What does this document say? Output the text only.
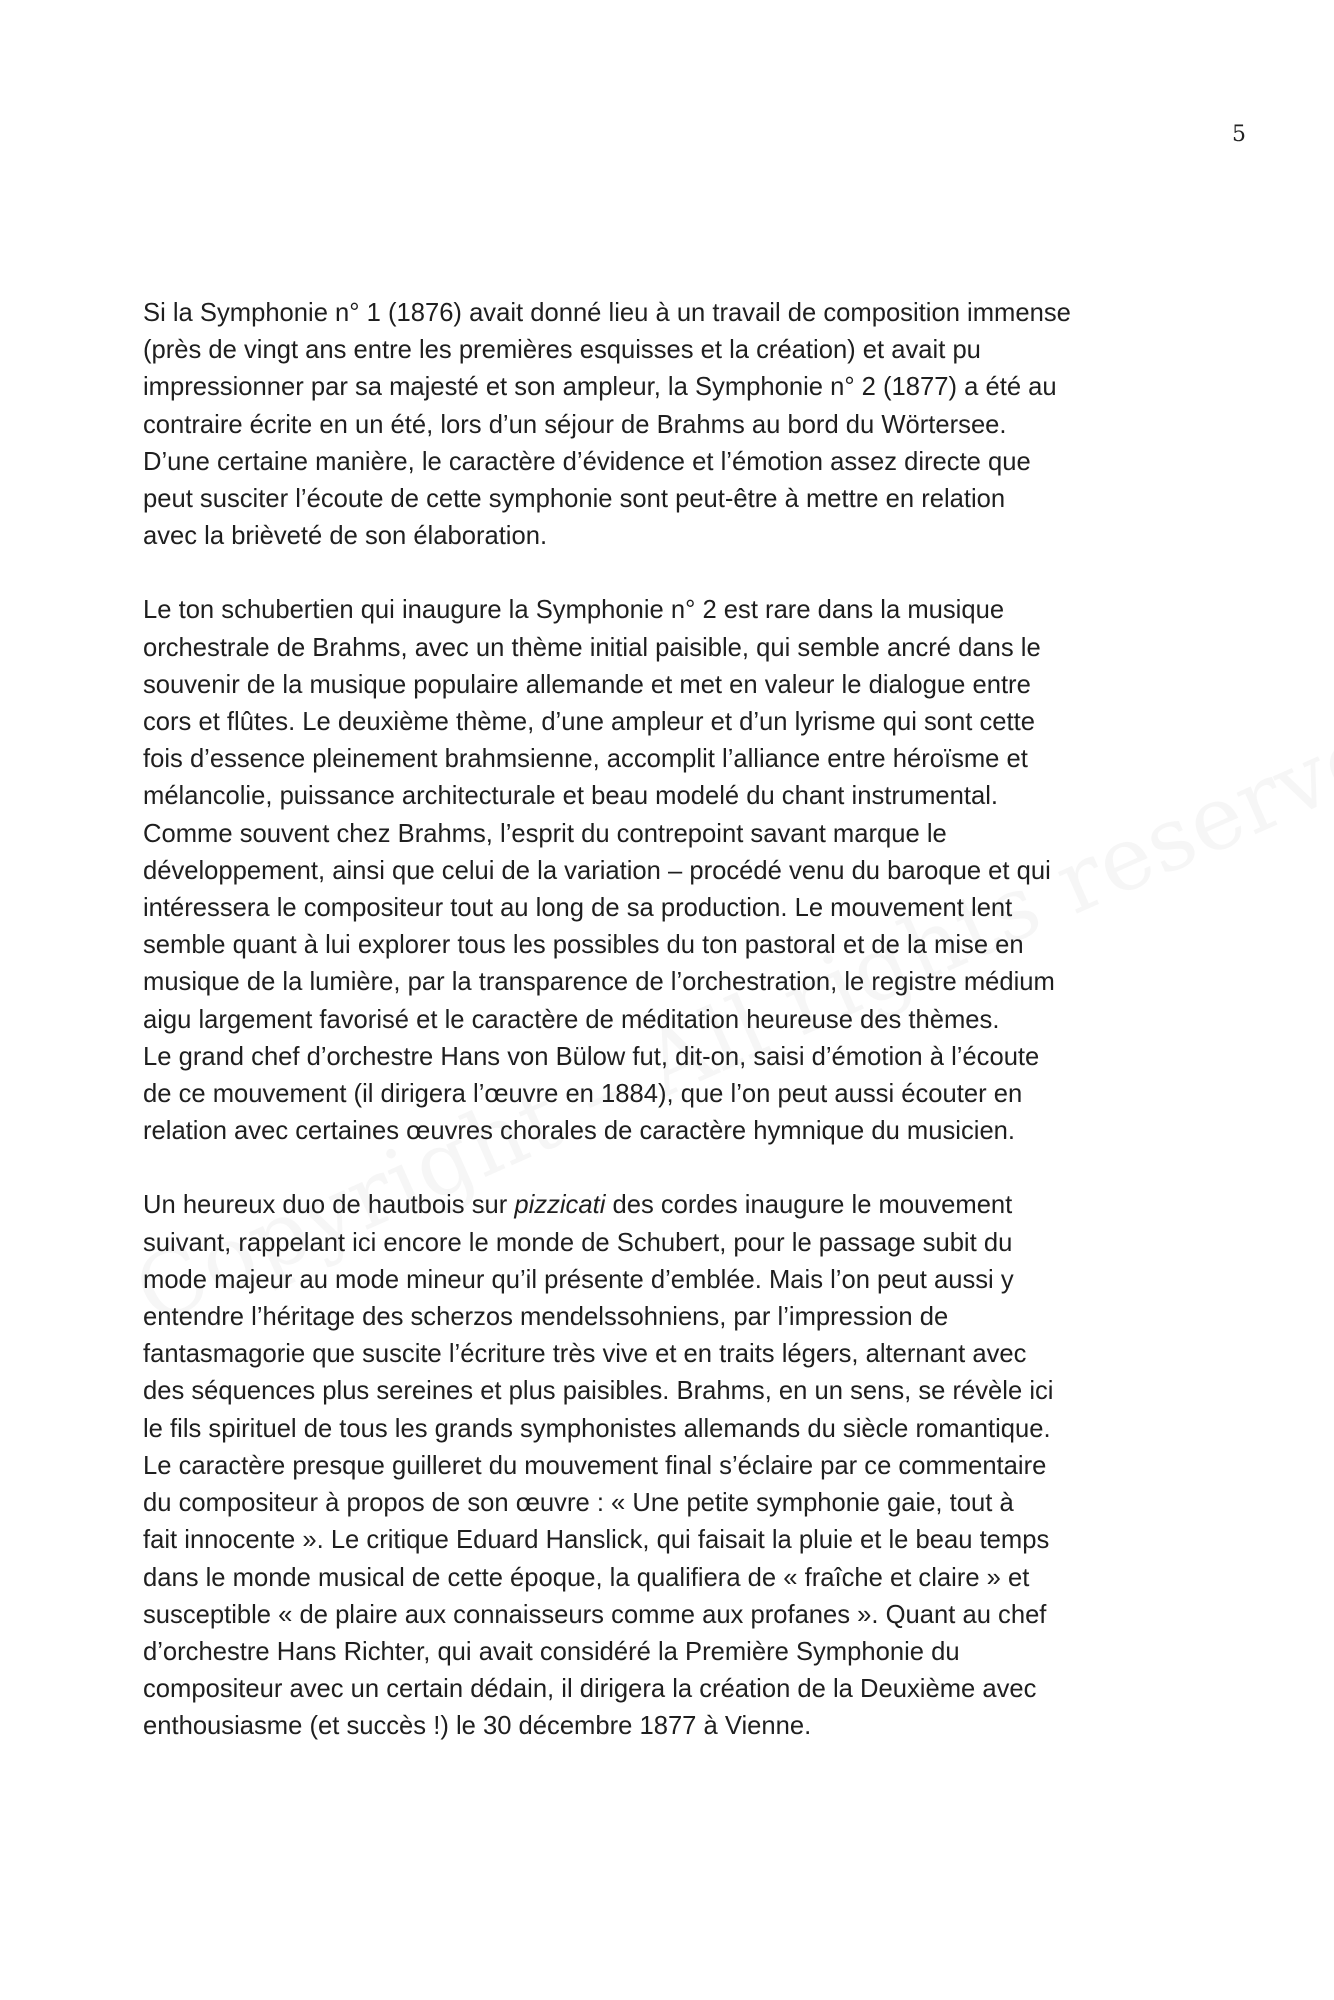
5

Si la Symphonie n° 1 (1876) avait donné lieu à un travail de composition immense
(près de vingt ans entre les premières esquisses et la création) et avait pu
impressionner par sa majesté et son ampleur, la Symphonie n° 2 (1877) a été au
contraire écrite en un été, lors d’un séjour de Brahms au bord du Wörtersee.
D’une certaine manière, le caractère d’évidence et l’émotion assez directe que
peut susciter l’écoute de cette symphonie sont peut-être à mettre en relation
avec la brièveté de son élaboration.

Le ton schubertien qui inaugure la Symphonie n° 2 est rare dans la musique
orchestrale de Brahms, avec un thème initial paisible, qui semble ancré dans le
souvenir de la musique populaire allemande et met en valeur le dialogue entre
cors et flûtes. Le deuxième thème, d’une ampleur et d’un lyrisme qui sont cette
fois d’essence pleinement brahmsienne, accomplit l’alliance entre héroïsme et
mélancolie, puissance architecturale et beau modelé du chant instrumental.
Comme souvent chez Brahms, l’esprit du contrepoint savant marque le
développement, ainsi que celui de la variation – procédé venu du baroque et qui
intéressera le compositeur tout au long de sa production. Le mouvement lent
semble quant à lui explorer tous les possibles du ton pastoral et de la mise en
musique de la lumière, par la transparence de l’orchestration, le registre médium
aigu largement favorisé et le caractère de méditation heureuse des thèmes.
Le grand chef d’orchestre Hans von Bülow fut, dit-on, saisi d’émotion à l’écoute
de ce mouvement (il dirigera l’œuvre en 1884), que l’on peut aussi écouter en
relation avec certaines œuvres chorales de caractère hymnique du musicien.

Un heureux duo de hautbois sur pizzicati des cordes inaugure le mouvement
suivant, rappelant ici encore le monde de Schubert, pour le passage subit du
mode majeur au mode mineur qu’il présente d’emblée. Mais l’on peut aussi y
entendre l’héritage des scherzos mendelssohniens, par l’impression de
fantasmagorie que suscite l’écriture très vive et en traits légers, alternant avec
des séquences plus sereines et plus paisibles. Brahms, en un sens, se révèle ici
le fils spirituel de tous les grands symphonistes allemands du siècle romantique.
Le caractère presque guilleret du mouvement final s’éclaire par ce commentaire
du compositeur à propos de son œuvre : « Une petite symphonie gaie, tout à
fait innocente ». Le critique Eduard Hanslick, qui faisait la pluie et le beau temps
dans le monde musical de cette époque, la qualifiera de « fraîche et claire » et
susceptible « de plaire aux connaisseurs comme aux profanes ». Quant au chef
d’orchestre Hans Richter, qui avait considéré la Première Symphonie du
compositeur avec un certain dédain, il dirigera la création de la Deuxième avec
enthousiasme (et succès !) le 30 décembre 1877 à Vienne.
